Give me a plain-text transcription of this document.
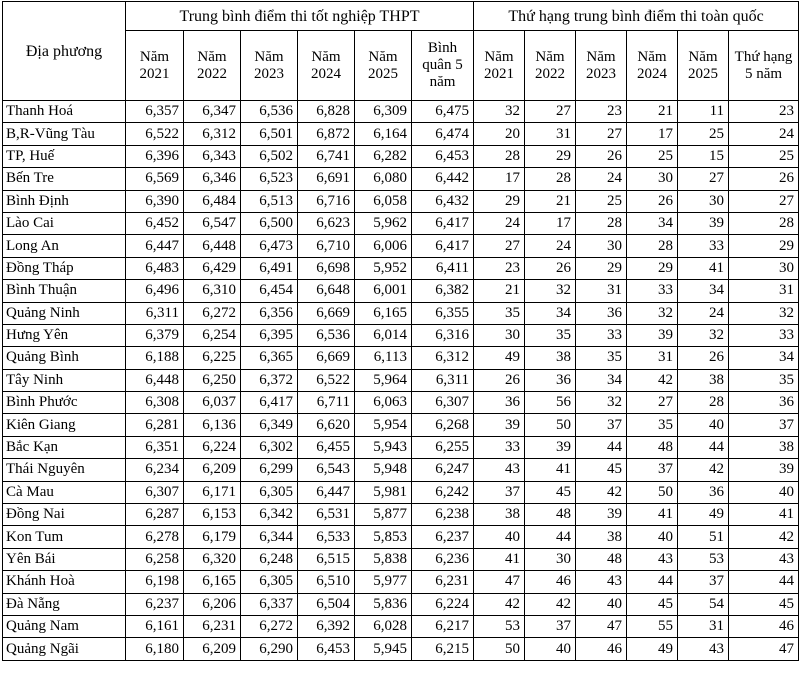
Địa phương	Trung bình điểm thi tốt nghiệp THPT						Thứ hạng trung bình điểm thi toàn quốc					
	Năm 2021	Năm 2022	Năm 2023	Năm 2024	Năm 2025	Bình quân 5 năm	Năm 2021	Năm 2022	Năm 2023	Năm 2024	Năm 2025	Thứ hạng 5 năm
Thanh Hoá	6,357	6,347	6,536	6,828	6,309	6,475	32	27	23	21	11	23
B,R-Vũng Tàu	6,522	6,312	6,501	6,872	6,164	6,474	20	31	27	17	25	24
TP, Huế	6,396	6,343	6,502	6,741	6,282	6,453	28	29	26	25	15	25
Bến Tre	6,569	6,346	6,523	6,691	6,080	6,442	17	28	24	30	27	26
Bình Định	6,390	6,484	6,513	6,716	6,058	6,432	29	21	25	26	30	27
Lào Cai	6,452	6,547	6,500	6,623	5,962	6,417	24	17	28	34	39	28
Long An	6,447	6,448	6,473	6,710	6,006	6,417	27	24	30	28	33	29
Đồng Tháp	6,483	6,429	6,491	6,698	5,952	6,411	23	26	29	29	41	30
Bình Thuận	6,496	6,310	6,454	6,648	6,001	6,382	21	32	31	33	34	31
Quảng Ninh	6,311	6,272	6,356	6,669	6,165	6,355	35	34	36	32	24	32
Hưng Yên	6,379	6,254	6,395	6,536	6,014	6,316	30	35	33	39	32	33
Quảng Bình	6,188	6,225	6,365	6,669	6,113	6,312	49	38	35	31	26	34
Tây Ninh	6,448	6,250	6,372	6,522	5,964	6,311	26	36	34	42	38	35
Bình Phước	6,308	6,037	6,417	6,711	6,063	6,307	36	56	32	27	28	36
Kiên Giang	6,281	6,136	6,349	6,620	5,954	6,268	39	50	37	35	40	37
Bắc Kạn	6,351	6,224	6,302	6,455	5,943	6,255	33	39	44	48	44	38
Thái Nguyên	6,234	6,209	6,299	6,543	5,948	6,247	43	41	45	37	42	39
Cà Mau	6,307	6,171	6,305	6,447	5,981	6,242	37	45	42	50	36	40
Đồng Nai	6,287	6,153	6,342	6,531	5,877	6,238	38	48	39	41	49	41
Kon Tum	6,278	6,179	6,344	6,533	5,853	6,237	40	44	38	40	51	42
Yên Bái	6,258	6,320	6,248	6,515	5,838	6,236	41	30	48	43	53	43
Khánh Hoà	6,198	6,165	6,305	6,510	5,977	6,231	47	46	43	44	37	44
Đà Nẵng	6,237	6,206	6,337	6,504	5,836	6,224	42	42	40	45	54	45
Quảng Nam	6,161	6,231	6,272	6,392	6,028	6,217	53	37	47	55	31	46
Quảng Ngãi	6,180	6,209	6,290	6,453	5,945	6,215	50	40	46	49	43	47
